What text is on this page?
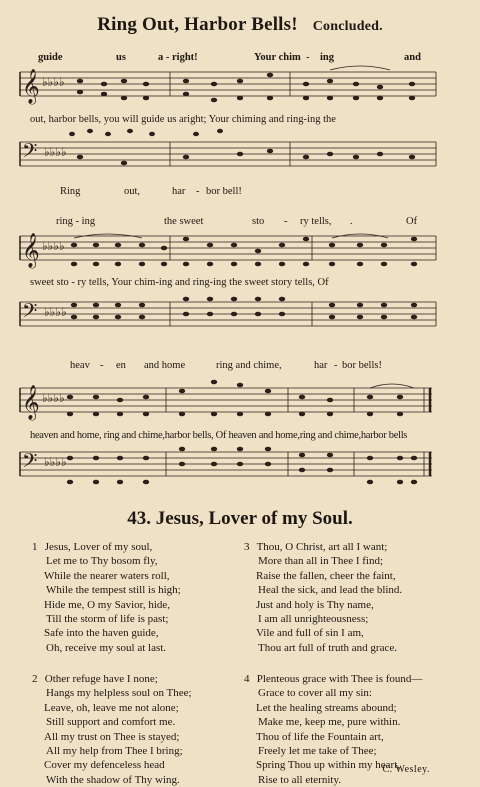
Ring Out, Harbor Bells! Concluded.
guide	us	a - right!	Your chim - ing	and
𝄞 ♭♭♭♭
out, harbor bells, you will guide us aright; Your chiming and ring-ing the
𝄢 ♭♭♭♭
Ring	out,	har - bor bell!
ring - ing	the sweet	sto - ry tells, .	Of
𝄞 ♭♭♭♭
sweet sto - ry tells, Your chim-ing and ring-ing the sweet story tells, Of
𝄢 ♭♭♭♭
heav - en and home	ring and chime,	har - bor bells!
𝄞 ♭♭♭♭
heaven and home, ring and chime,harbor bells, Of heaven and home,ring and chime,harbor bells
𝄢 ♭♭♭♭
43. Jesus, Lover of my Soul.
1 Jesus, Lover of my soul,
Let me to Thy bosom fly,
While the nearer waters roll,
While the tempest still is high;
Hide me, O my Savior, hide,
Till the storm of life is past;
Safe into the haven guide,
Oh, receive my soul at last.
2 Other refuge have I none;
Hangs my helpless soul on Thee;
Leave, oh, leave me not alone;
Still support and comfort me.
All my trust on Thee is stayed;
All my help from Thee I bring;
Cover my defenceless head
With the shadow of Thy wing.
3 Thou, O Christ, art all I want;
More than all in Thee I find;
Raise the fallen, cheer the faint,
Heal the sick, and lead the blind.
Just and holy is Thy name,
I am all unrighteousness;
Vile and full of sin I am,
Thou art full of truth and grace.
4 Plenteous grace with Thee is found—
Grace to cover all my sin:
Let the healing streams abound;
Make me, keep me, pure within.
Thou of life the Fountain art,
Freely let me take of Thee;
Spring Thou up within my heart,
Rise to all eternity.
C. Wesley.
